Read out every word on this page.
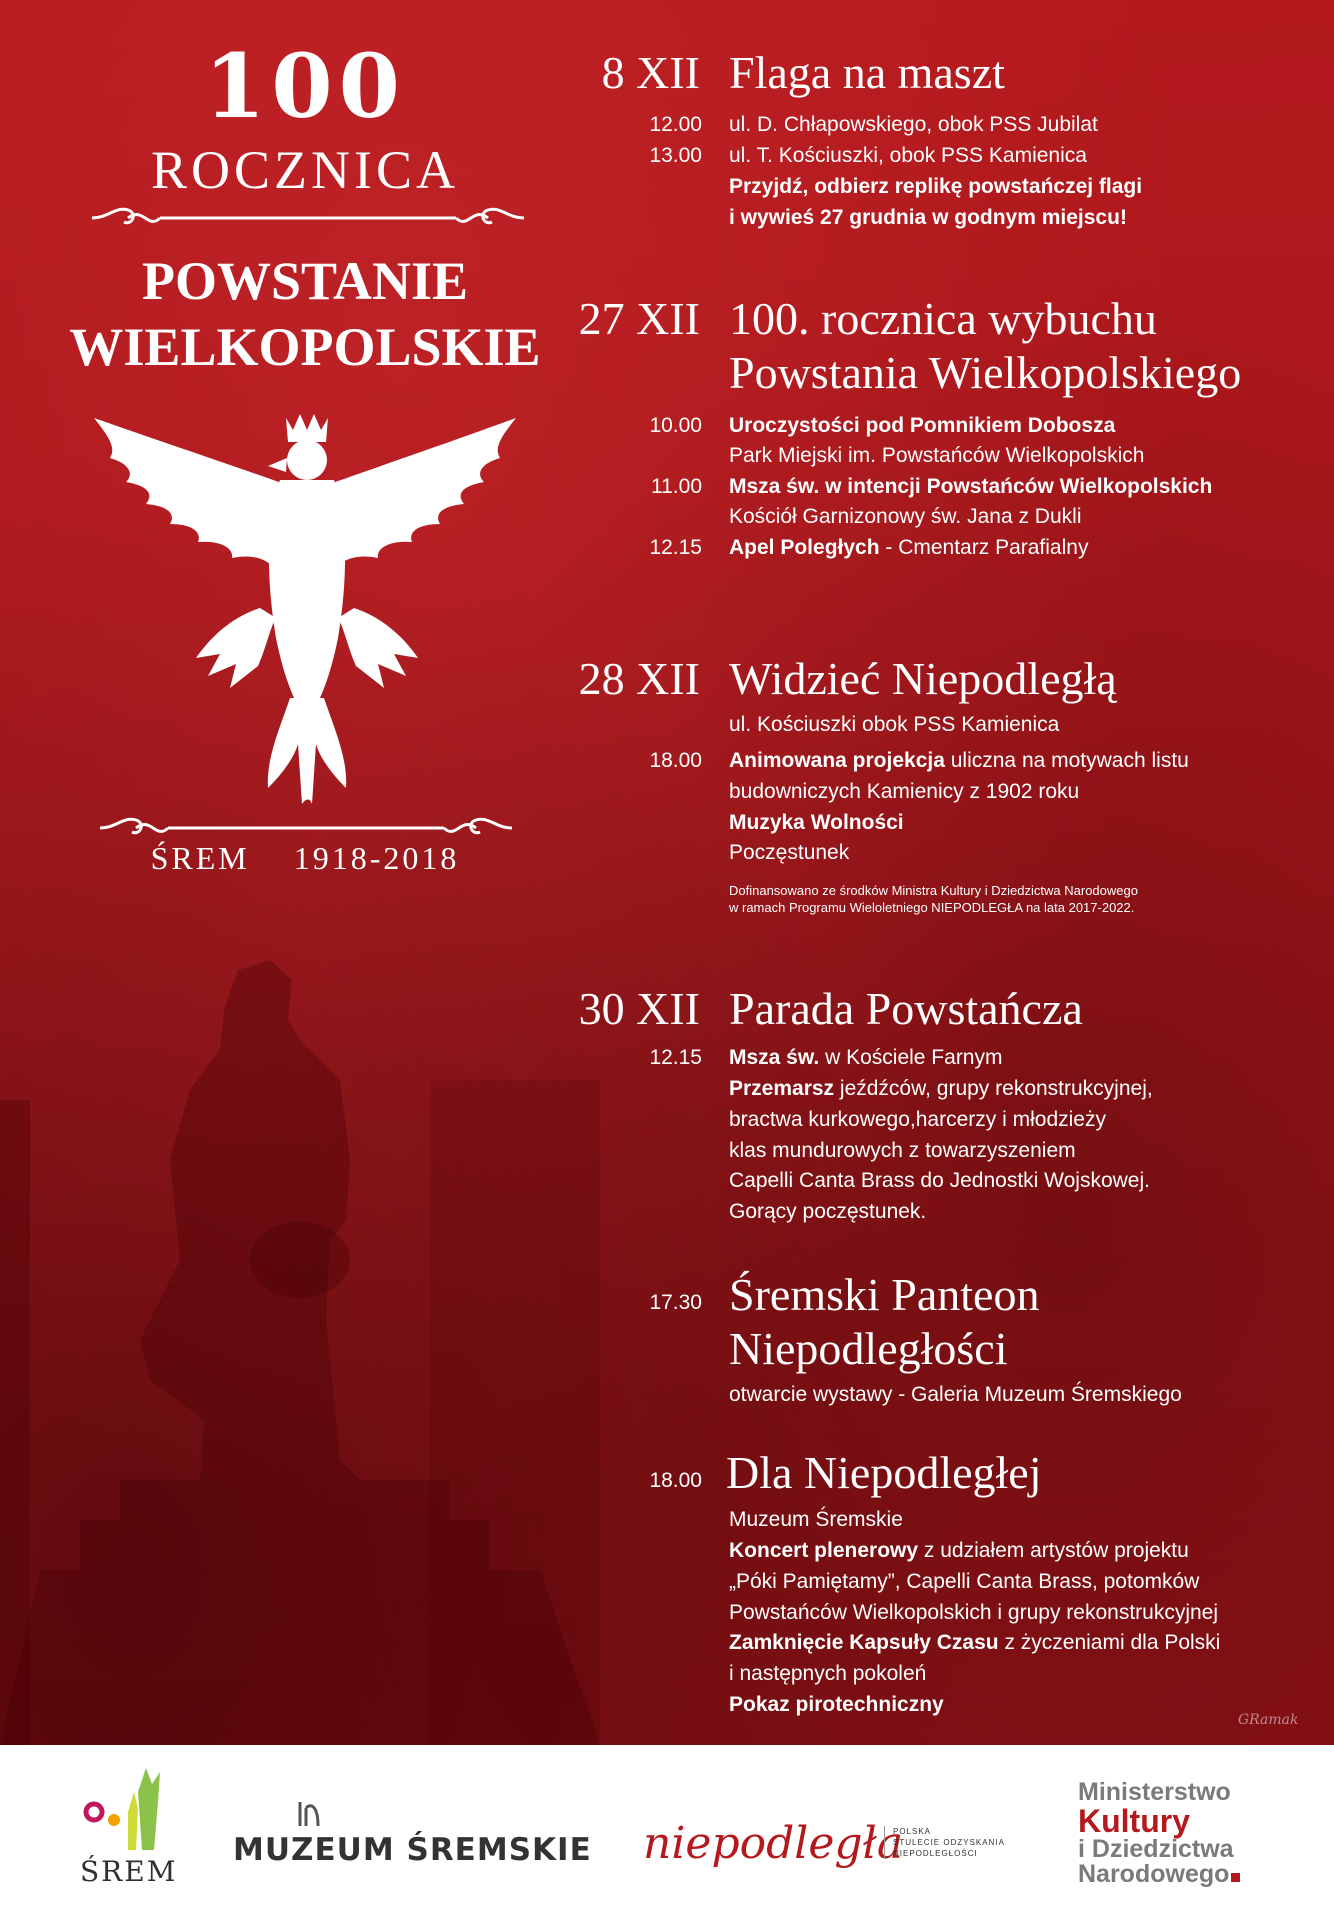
100
ROCZNICA
POWSTANIE
WIELKOPOLSKIE
ŚREM 1918-2018
8 XII Flaga na maszt
12.00 ul. D. Chłapowskiego, obok PSS Jubilat
13.00 ul. T. Kościuszki, obok PSS Kamienica
Przyjdź, odbierz replikę powstańczej flagi
i wywieś 27 grudnia w godnym miejscu!
27 XII 100. rocznica wybuchu
Powstania Wielkopolskiego
10.00 Uroczystości pod Pomnikiem Dobosza
Park Miejski im. Powstańców Wielkopolskich
11.00 Msza św. w intencji Powstańców Wielkopolskich
Kościół Garnizonowy św. Jana z Dukli
12.15 Apel Poległych - Cmentarz Parafialny
28 XII Widzieć Niepodległą
ul. Kościuszki obok PSS Kamienica
18.00 Animowana projekcja uliczna na motywach listu
budowniczych Kamienicy z 1902 roku
Muzyka Wolności
Poczęstunek
Dofinansowano ze środków Ministra Kultury i Dziedzictwa Narodowego
w ramach Programu Wieloletniego NIEPODLEGŁA na lata 2017-2022.
30 XII Parada Powstańcza
12.15 Msza św. w Kościele Farnym
Przemarsz jeźdźców, grupy rekonstrukcyjnej,
bractwa kurkowego,harcerzy i młodzieży
klas mundurowych z towarzyszeniem
Capelli Canta Brass do Jednostki Wojskowej.
Gorący poczęstunek.
17.30 Śremski Panteon
Niepodległości
otwarcie wystawy - Galeria Muzeum Śremskiego
18.00 Dla Niepodległej
Muzeum Śremskie
Koncert plenerowy z udziałem artystów projektu
„Póki Pamiętamy”, Capelli Canta Brass, potomków
Powstańców Wielkopolskich i grupy rekonstrukcyjnej
Zamknięcie Kapsuły Czasu z życzeniami dla Polski
i następnych pokoleń
Pokaz pirotechniczny
GRamak
ŚREM
MUZEUM ŚREMSKIE niepodległa
POLSKA
STULECIE ODZYSKANIA
NIEPODLEGŁOŚCI
Ministerstwo
Kultury
i Dziedzictwa
Narodowego
